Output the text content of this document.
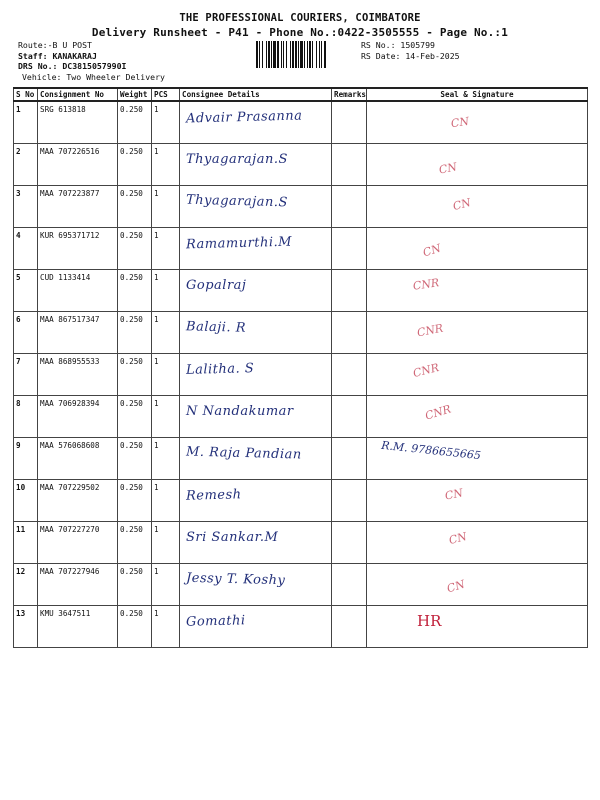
THE PROFESSIONAL COURIERS, COIMBATORE
Delivery Runsheet - P41 - Phone No.:0422-3505555 - Page No.:1
Route:-B U POST
Staff: KANAKARAJ
DRS No.: DC3815057990I
Vehicle: Two Wheeler Delivery
RS No.: 1505799
RS Date: 14-Feb-2025
S No	Consignment No	Weight	PCS	Consignee Details	Remarks	Seal & Signature
1	SRG 613818	0.250	1	Advair Prasanna		CN

2	MAA 707226516	0.250	1	Thyagarajan.S		CN

3	MAA 707223877	0.250	1	Thyagarajan.S		CN

4	KUR 695371712	0.250	1	Ramamurthi.M		CN

5	CUD 1133414	0.250	1	Gopalraj		CNR

6	MAA 867517347	0.250	1	Balaji. R		CNR

7	MAA 868955533	0.250	1	Lalitha. S		CNR

8	MAA 706928394	0.250	1	N Nandakumar		CNR

9	MAA 576068608	0.250	1	M. Raja Pandian		R.M. 9786655665

10	MAA 707229502	0.250	1	Remesh		CN

11	MAA 707227270	0.250	1	Sri Sankar.M		CN

12	MAA 707227946	0.250	1	Jessy T. Koshy		CN

13	KMU 3647511	0.250	1	Gomathi		HR
